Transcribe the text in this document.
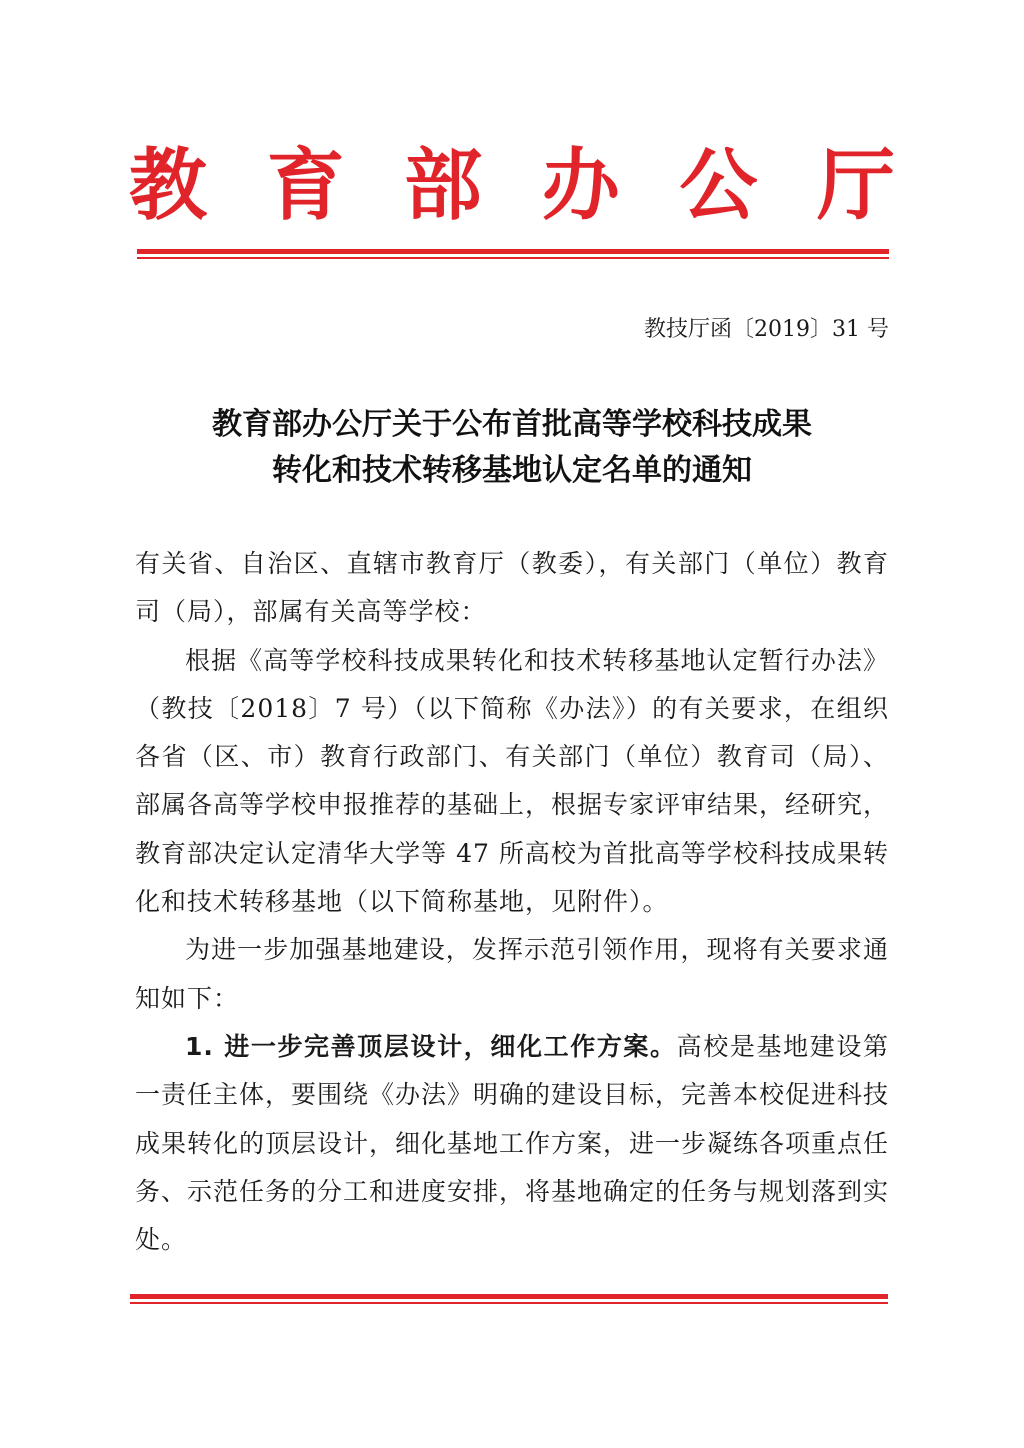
教 育 部 办 公 厅
教技厅函〔2019〕31 号
教育部办公厅关于公布首批高等学校科技成果
转化和技术转移基地认定名单的通知

有关省、自治区、直辖市教育厅（教委），有关部门（单位）教育司（局），部属有关高等学校：

根据《高等学校科技成果转化和技术转移基地认定暂行办法》（教技〔2018〕7 号）（以下简称《办法》）的有关要求，在组织各省（区、市）教育行政部门、有关部门（单位）教育司（局）、部属各高等学校申报推荐的基础上，根据专家评审结果，经研究，教育部决定认定清华大学等 47 所高校为首批高等学校科技成果转化和技术转移基地（以下简称基地，见附件）。

为进一步加强基地建设，发挥示范引领作用，现将有关要求通知如下：

1. 进一步完善顶层设计，细化工作方案。高校是基地建设第一责任主体，要围绕《办法》明确的建设目标，完善本校促进科技成果转化的顶层设计，细化基地工作方案，进一步凝练各项重点任务、示范任务的分工和进度安排，将基地确定的任务与规划落到实处。
